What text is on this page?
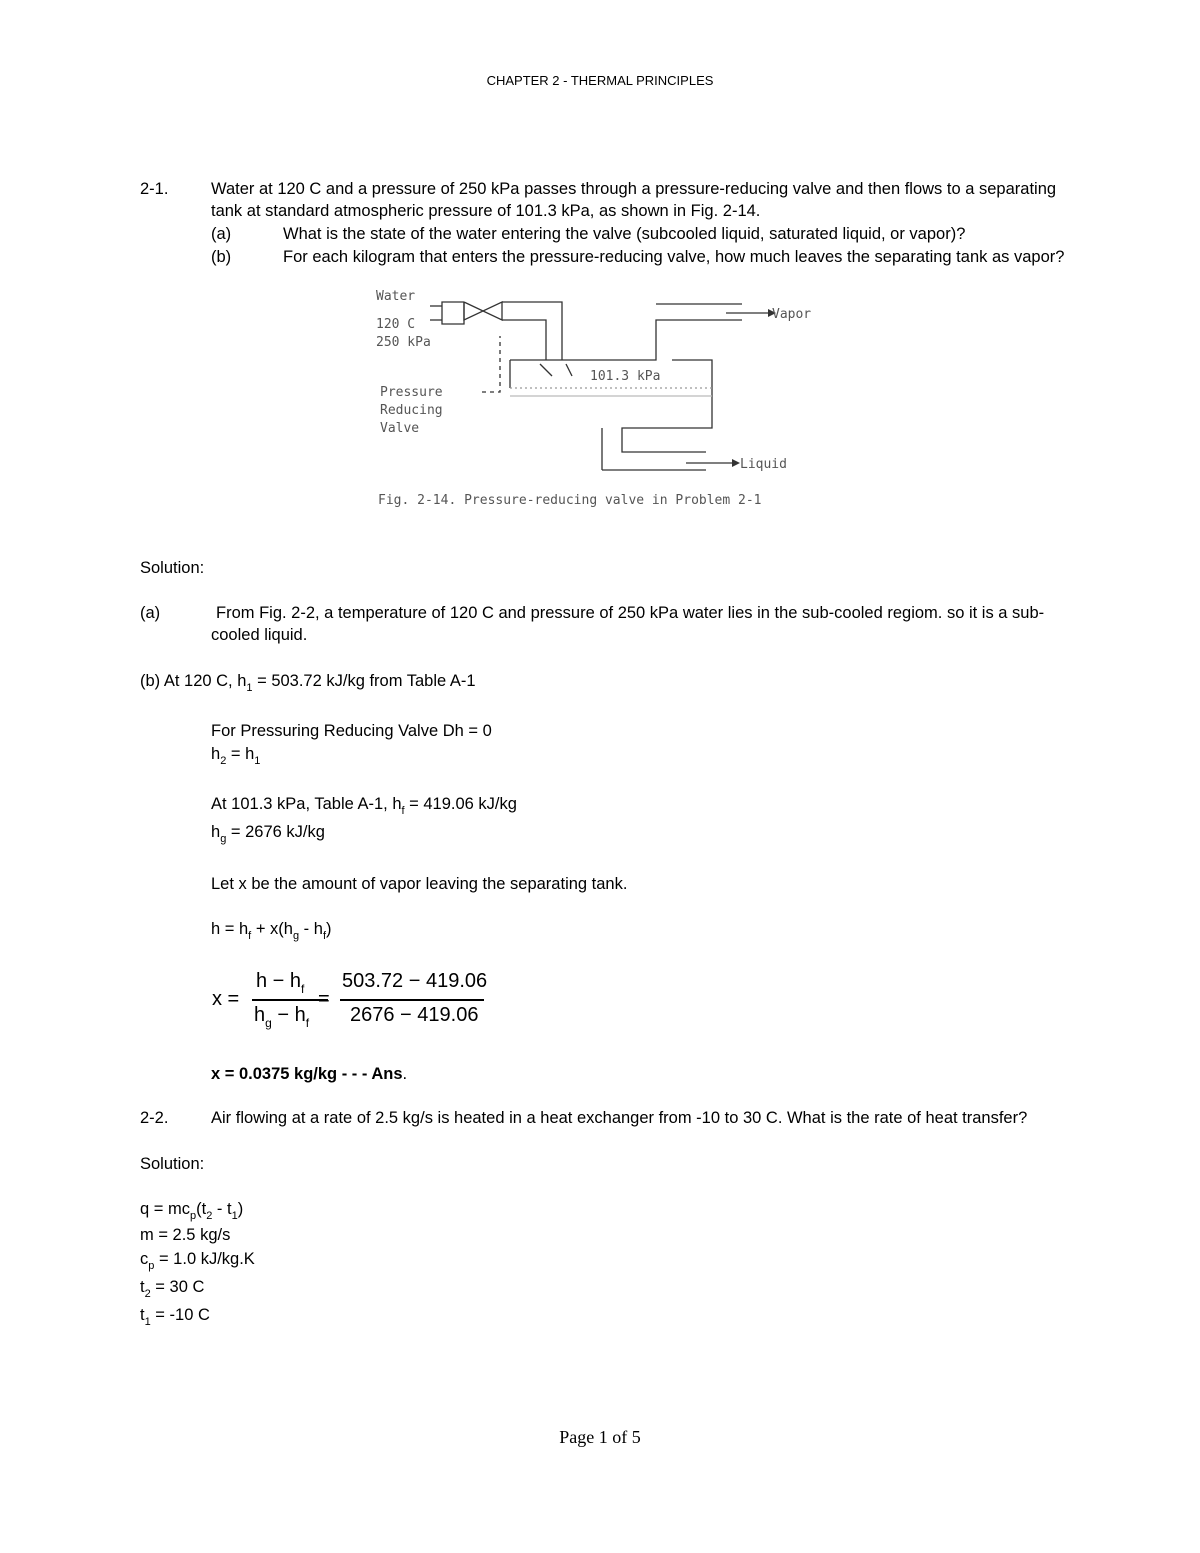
CHAPTER 2 - THERMAL PRINCIPLES
2-1.	Water at 120 C and a pressure of 250 kPa passes through a pressure-reducing valve and then flows to a separating
tank at standard atmospheric pressure of 101.3 kPa, as shown in Fig. 2-14.
(a)	What is the state of the water entering the valve (subcooled liquid, saturated liquid, or vapor)?
(b)	For each kilogram that enters the pressure-reducing valve, how much leaves the separating tank as vapor?
Water
120 C
250 kPa
101.3 kPa
Vapor
Pressure
Reducing
Valve
Liquid
Fig. 2-14. Pressure-reducing valve in Problem 2-1
Solution:
(a)	From Fig. 2-2, a temperature of 120 C and pressure of 250 kPa water lies in the sub-cooled regiom. so it is a sub-
cooled liquid.
(b) At 120 C, $h_1 = 503.72$ kJ/kg from Table A-1
For Pressuring Reducing Valve Dh = 0
$h_2 = h_1$
At 101.3 kPa, Table A-1, $h_f = 419.06$ kJ/kg
$h_g = 2676$ kJ/kg
Let x be the amount of vapor leaving the separating tank.
$h = h_f + x(h_g - h_f)$
x =
$h - h_f$
$h_g - h_f$
=
503.72 − 419.06
2676 − 419.06
x = 0.0375 kg/kg - - - Ans.
2-2.	Air flowing at a rate of 2.5 kg/s is heated in a heat exchanger from -10 to 30 C. What is the rate of heat transfer?
Solution:
$q = mc_p(t_2 - t_1)$
m = 2.5 kg/s
$c_p = 1.0$ kJ/kg.K
$t_2 = 30$ C
$t_1 = -10$ C
Page 1 of 5
